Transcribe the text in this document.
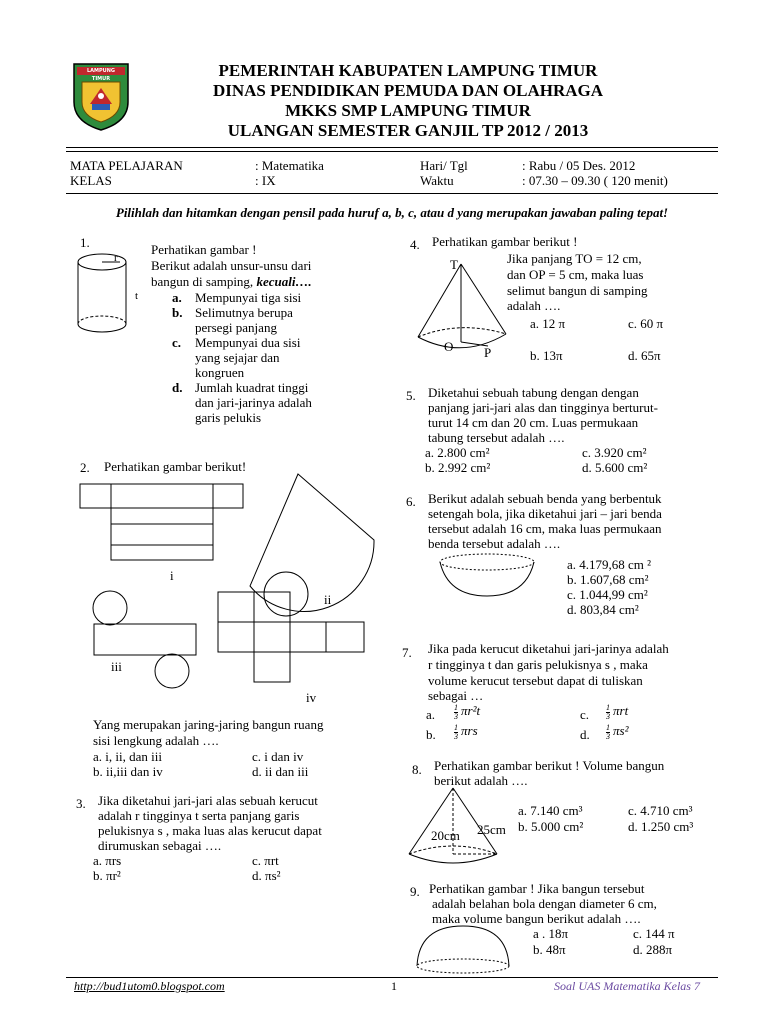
LAMPUNG TIMUR	PEMERINTAH KABUPATEN LAMPUNG TIMUR
DINAS PENDIDIKAN PEMUDA DAN OLAHRAGA
MKKS SMP LAMPUNG TIMUR
ULANGAN SEMESTER GANJIL TP 2012 / 2013
MATA PELAJARAN	: Matematika
KELAS	: IX
Hari/ Tgl	: Rabu / 05 Des. 2012
Waktu	: 07.30 – 09.30 ( 120 menit)
Pilihlah dan hitamkan dengan pensil pada huruf a, b, c, atau d yang merupakan jawaban paling tepat!
1.
r
t
Perhatikan gambar !
Berikut adalah unsur-unsu dari
bangun di samping, kecuali….
a. Mempunyai tiga sisi
b. Selimutnya berupa
persegi panjang
c. Mempunyai dua sisi
yang sejajar dan
kongruen
d. Jumlah kuadrat tinggi
dan jari-jarinya adalah
garis pelukis
2. Perhatikan gambar berikut!
i
ii
iii
iv
Yang merupakan jaring-jaring bangun ruang
sisi lengkung adalah ….
a. i, ii, dan iii
b. ii,iii dan iv
c. i dan iv
d. ii dan iii
3. Jika diketahui jari-jari alas sebuah kerucut
adalah r tingginya t serta panjang garis
pelukisnya s , maka luas alas kerucut dapat
dirumuskan sebagai ….
a. πrs
b. πr²
c. πrt
d. πs²
4. Perhatikan gambar berikut !
T
O P
Jika panjang TO = 12 cm,
dan OP = 5 cm, maka luas
selimut bangun di samping
adalah ….
a. 12 π
b. 13π
c. 60 π
d. 65π
5. Diketahui sebuah tabung dengan dengan
panjang jari-jari alas dan tingginya berturut-
turut 14 cm dan 20 cm. Luas permukaan
tabung tersebut adalah ….
a. 2.800 cm²
b. 2.992 cm²
c. 3.920 cm²
d. 5.600 cm²
6. Berikut adalah sebuah benda yang berbentuk
setengah bola, jika diketahui jari – jari benda
tersebut adalah 16 cm, maka luas permukaan
benda tersebut adalah ….
a. 4.179,68 cm ²
b. 1.607,68 cm²
c. 1.044,99 cm²
d. 803,84 cm²
7. Jika pada kerucut diketahui jari-jarinya adalah
r tingginya t dan garis pelukisnya s , maka
volume kerucut tersebut dapat di tuliskan
sebagai …
a. $\frac{1}{3} \pi r^2t$
b. $\frac{1}{3}$ πrs
c. $\frac{1}{3}$ πrt
d. $\frac{1}{3} \pi s^2$
8. Perhatikan gambar berikut ! Volume bangun
berikut adalah ….
20cm 25cm
a. 7.140 cm³
b. 5.000 cm²
c. 4.710 cm³
d. 1.250 cm³
9. Perhatikan gambar ! Jika bangun tersebut
adalah belahan bola dengan diameter 6 cm,
maka volume bangun berikut adalah ….
a . 18π
b. 48π
c. 144 π
d. 288π
http://bud1utom0.blogspot.com	1	Soal UAS Matematika Kelas 7
